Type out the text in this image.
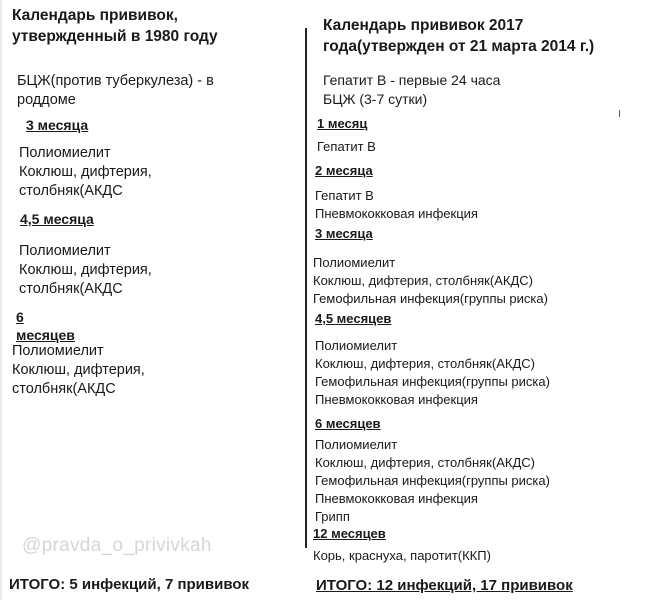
Календарь прививок,
утвержденный в 1980 году
БЦЖ(против туберкулеза) - в
роддоме
3 месяца
Полиомиелит
Коклюш, дифтерия,
столбняк(АКДС
4,5 месяца
Полиомиелит
Коклюш, дифтерия,
столбняк(АКДС
6
месяцев
Полиомиелит
Коклюш, дифтерия,
столбняк(АКДС
@pravda_o_privivkah
ИТОГО: 5 инфекций, 7 прививок
Календарь прививок 2017
года(утвержден от 21 марта 2014 г.)
Гепатит В - первые 24 часа
БЦЖ (3-7 сутки)
1 месяц
Гепатит В
2 месяца
Гепатит В
Пневмококковая инфекция
3 месяца
Полиомиелит
Коклюш, дифтерия, столбняк(АКДС)
Гемофильная инфекция(группы риска)
4,5 месяцев
Полиомиелит
Коклюш, дифтерия, столбняк(АКДС)
Гемофильная инфекция(группы риска)
Пневмококковая инфекция
6 месяцев
Полиомиелит
Коклюш, дифтерия, столбняк(АКДС)
Гемофильная инфекция(группы риска)
Пневмококковая инфекция
Грипп
12 месяцев
Корь, краснуха, паротит(ККП)
ИТОГО: 12 инфекций, 17 прививок
